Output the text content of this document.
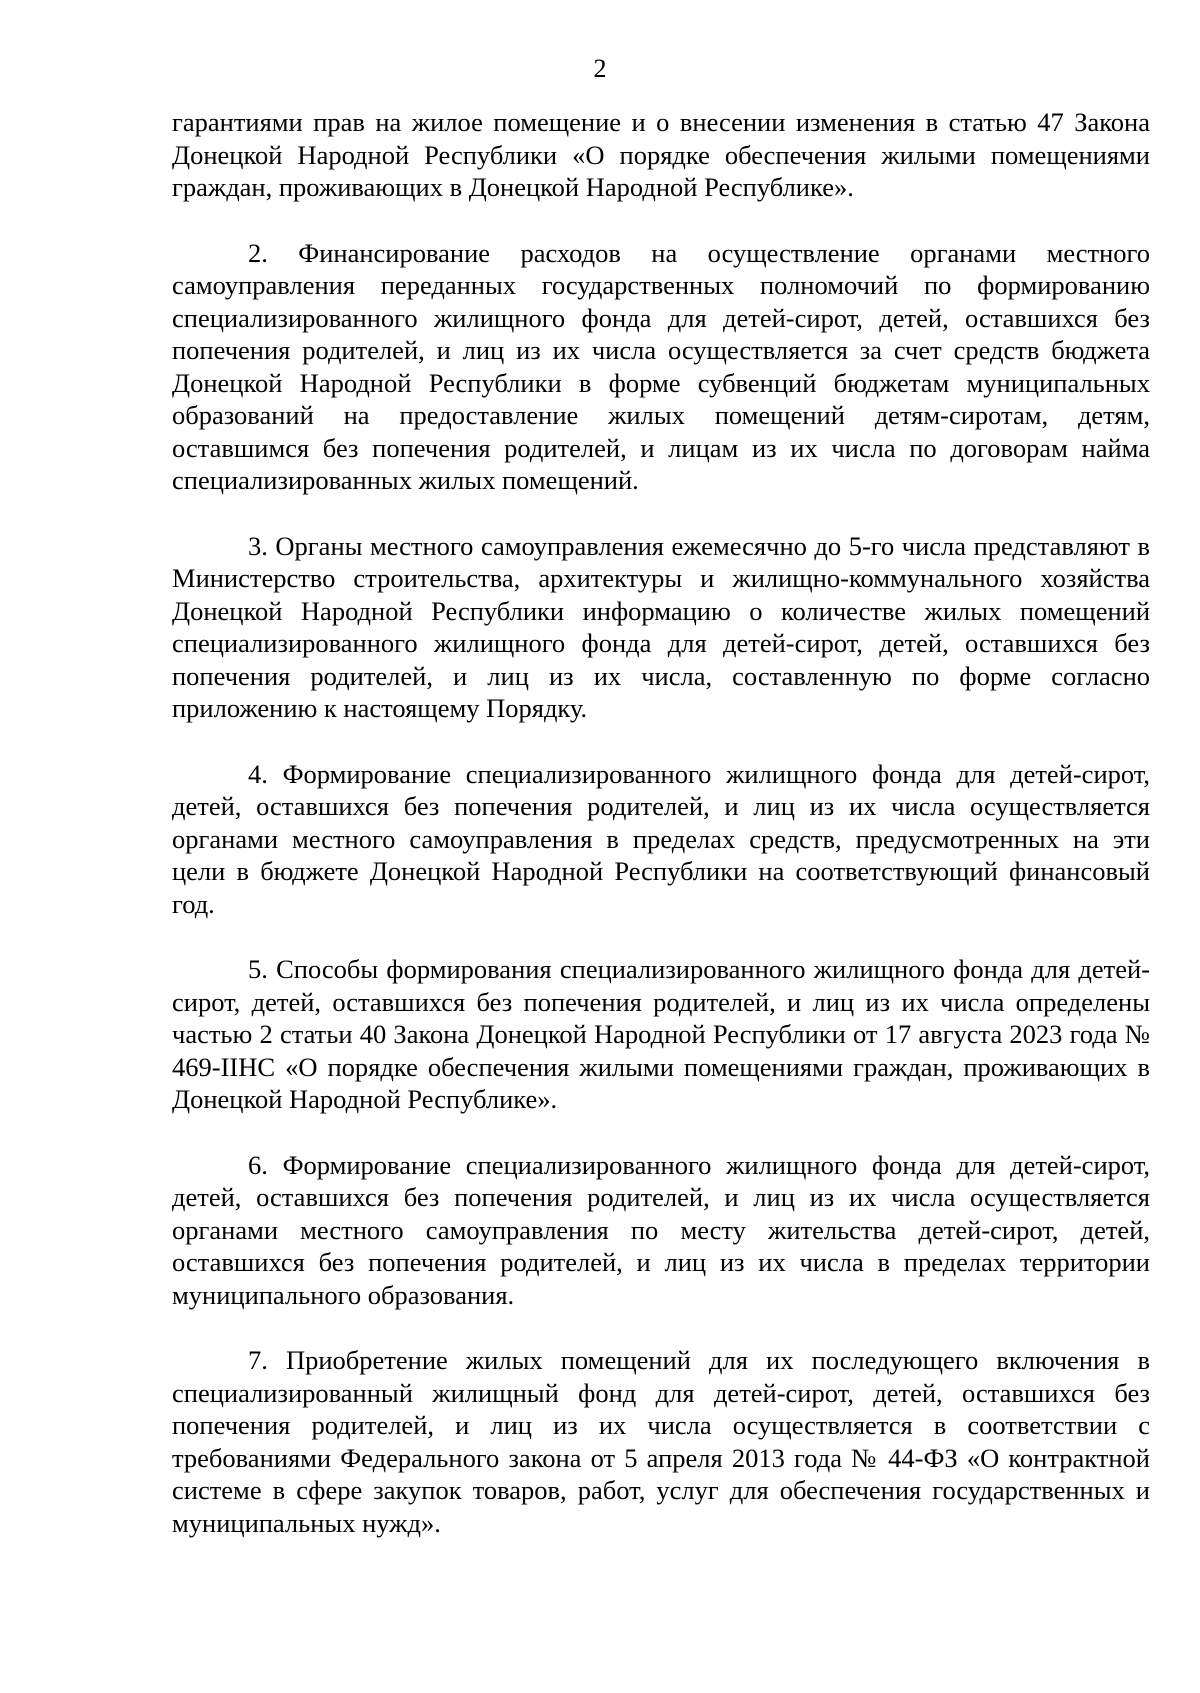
2

гарантиями прав на жилое помещение и о внесении изменения в статью 47 Закона Донецкой Народной Республики «О порядке обеспечения жилыми помещениями граждан, проживающих в Донецкой Народной Республике».

2. Финансирование расходов на осуществление органами местного самоуправления переданных государственных полномочий по формированию специализированного жилищного фонда для детей-сирот, детей, оставшихся без попечения родителей, и лиц из их числа осуществляется за счет средств бюджета Донецкой Народной Республики в форме субвенций бюджетам муниципальных образований на предоставление жилых помещений детям-сиротам, детям, оставшимся без попечения родителей, и лицам из их числа по договорам найма специализированных жилых помещений.

3. Органы местного самоуправления ежемесячно до 5-го числа представляют в Министерство строительства, архитектуры и жилищно-коммунального хозяйства Донецкой Народной Республики информацию о количестве жилых помещений специализированного жилищного фонда для детей-сирот, детей, оставшихся без попечения родителей, и лиц из их числа, составленную по форме согласно приложению к настоящему Порядку.

4. Формирование специализированного жилищного фонда для детей-сирот, детей, оставшихся без попечения родителей, и лиц из их числа осуществляется органами местного самоуправления в пределах средств, предусмотренных на эти цели в бюджете Донецкой Народной Республики на соответствующий финансовый год.

5. Способы формирования специализированного жилищного фонда для детей-сирот, детей, оставшихся без попечения родителей, и лиц из их числа определены частью 2 статьи 40 Закона Донецкой Народной Республики от 17 августа 2023 года № 469-IIНС «О порядке обеспечения жилыми помещениями граждан, проживающих в Донецкой Народной Республике».

6. Формирование специализированного жилищного фонда для детей-сирот, детей, оставшихся без попечения родителей, и лиц из их числа осуществляется органами местного самоуправления по месту жительства детей-сирот, детей, оставшихся без попечения родителей, и лиц из их числа в пределах территории муниципального образования.

7. Приобретение жилых помещений для их последующего включения в специализированный жилищный фонд для детей-сирот, детей, оставшихся без попечения родителей, и лиц из их числа осуществляется в соответствии с требованиями Федерального закона от 5 апреля 2013 года № 44-ФЗ «О контрактной системе в сфере закупок товаров, работ, услуг для обеспечения государственных и муниципальных нужд».
